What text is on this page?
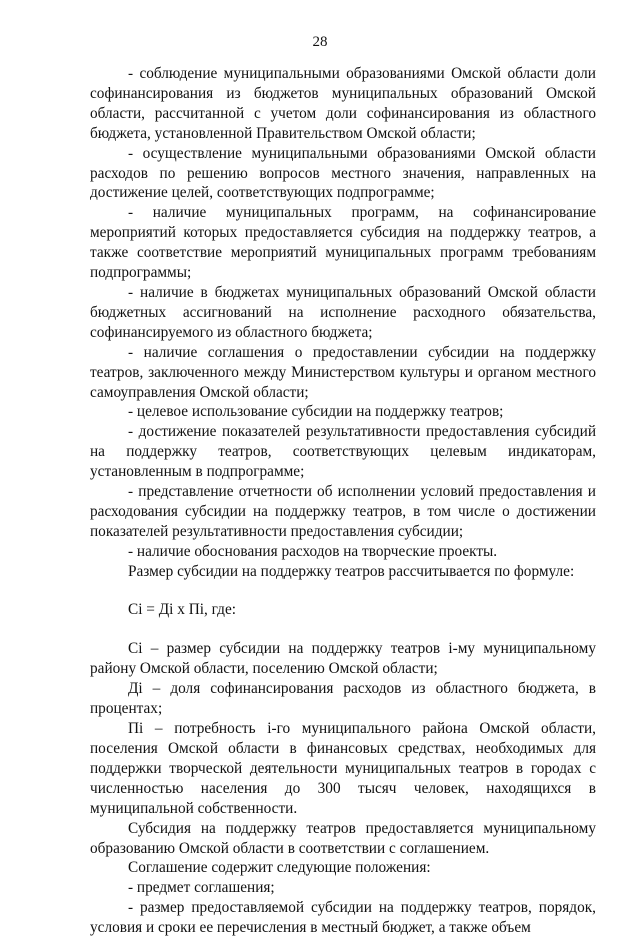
28

- соблюдение муниципальными образованиями Омской области доли софинансирования из бюджетов муниципальных образований Омской области, рассчитанной с учетом доли софинансирования из областного бюджета, установленной Правительством Омской области;

- осуществление муниципальными образованиями Омской области расходов по решению вопросов местного значения, направленных на достижение целей, соответствующих подпрограмме;

- наличие муниципальных программ, на софинансирование мероприятий которых предоставляется субсидия на поддержку театров, а также соответствие мероприятий муниципальных программ требованиям подпрограммы;

- наличие в бюджетах муниципальных образований Омской области бюджетных ассигнований на исполнение расходного обязательства, софинансируемого из областного бюджета;

- наличие соглашения о предоставлении субсидии на поддержку театров, заключенного между Министерством культуры и органом местного самоуправления Омской области;

- целевое использование субсидии на поддержку театров;

- достижение показателей результативности предоставления субсидий на поддержку театров, соответствующих целевым индикаторам, установленным в подпрограмме;

- представление отчетности об исполнении условий предоставления и расходования субсидии на поддержку театров, в том числе о достижении показателей результативности предоставления субсидии;

- наличие обоснования расходов на творческие проекты.

Размер субсидии на поддержку театров рассчитывается по формуле:

Ci = Дi х Пi, где:

Ci – размер субсидии на поддержку театров i-му муниципальному району Омской области, поселению Омской области;

Дi – доля софинансирования расходов из областного бюджета, в процентах;

Пi – потребность i-го муниципального района Омской области, поселения Омской области в финансовых средствах, необходимых для поддержки творческой деятельности муниципальных театров в городах с численностью населения до 300 тысяч человек, находящихся в муниципальной собственности.

Субсидия на поддержку театров предоставляется муниципальному образованию Омской области в соответствии с соглашением.

Соглашение содержит следующие положения:

- предмет соглашения;

- размер предоставляемой субсидии на поддержку театров, порядок, условия и сроки ее перечисления в местный бюджет, а также объем
